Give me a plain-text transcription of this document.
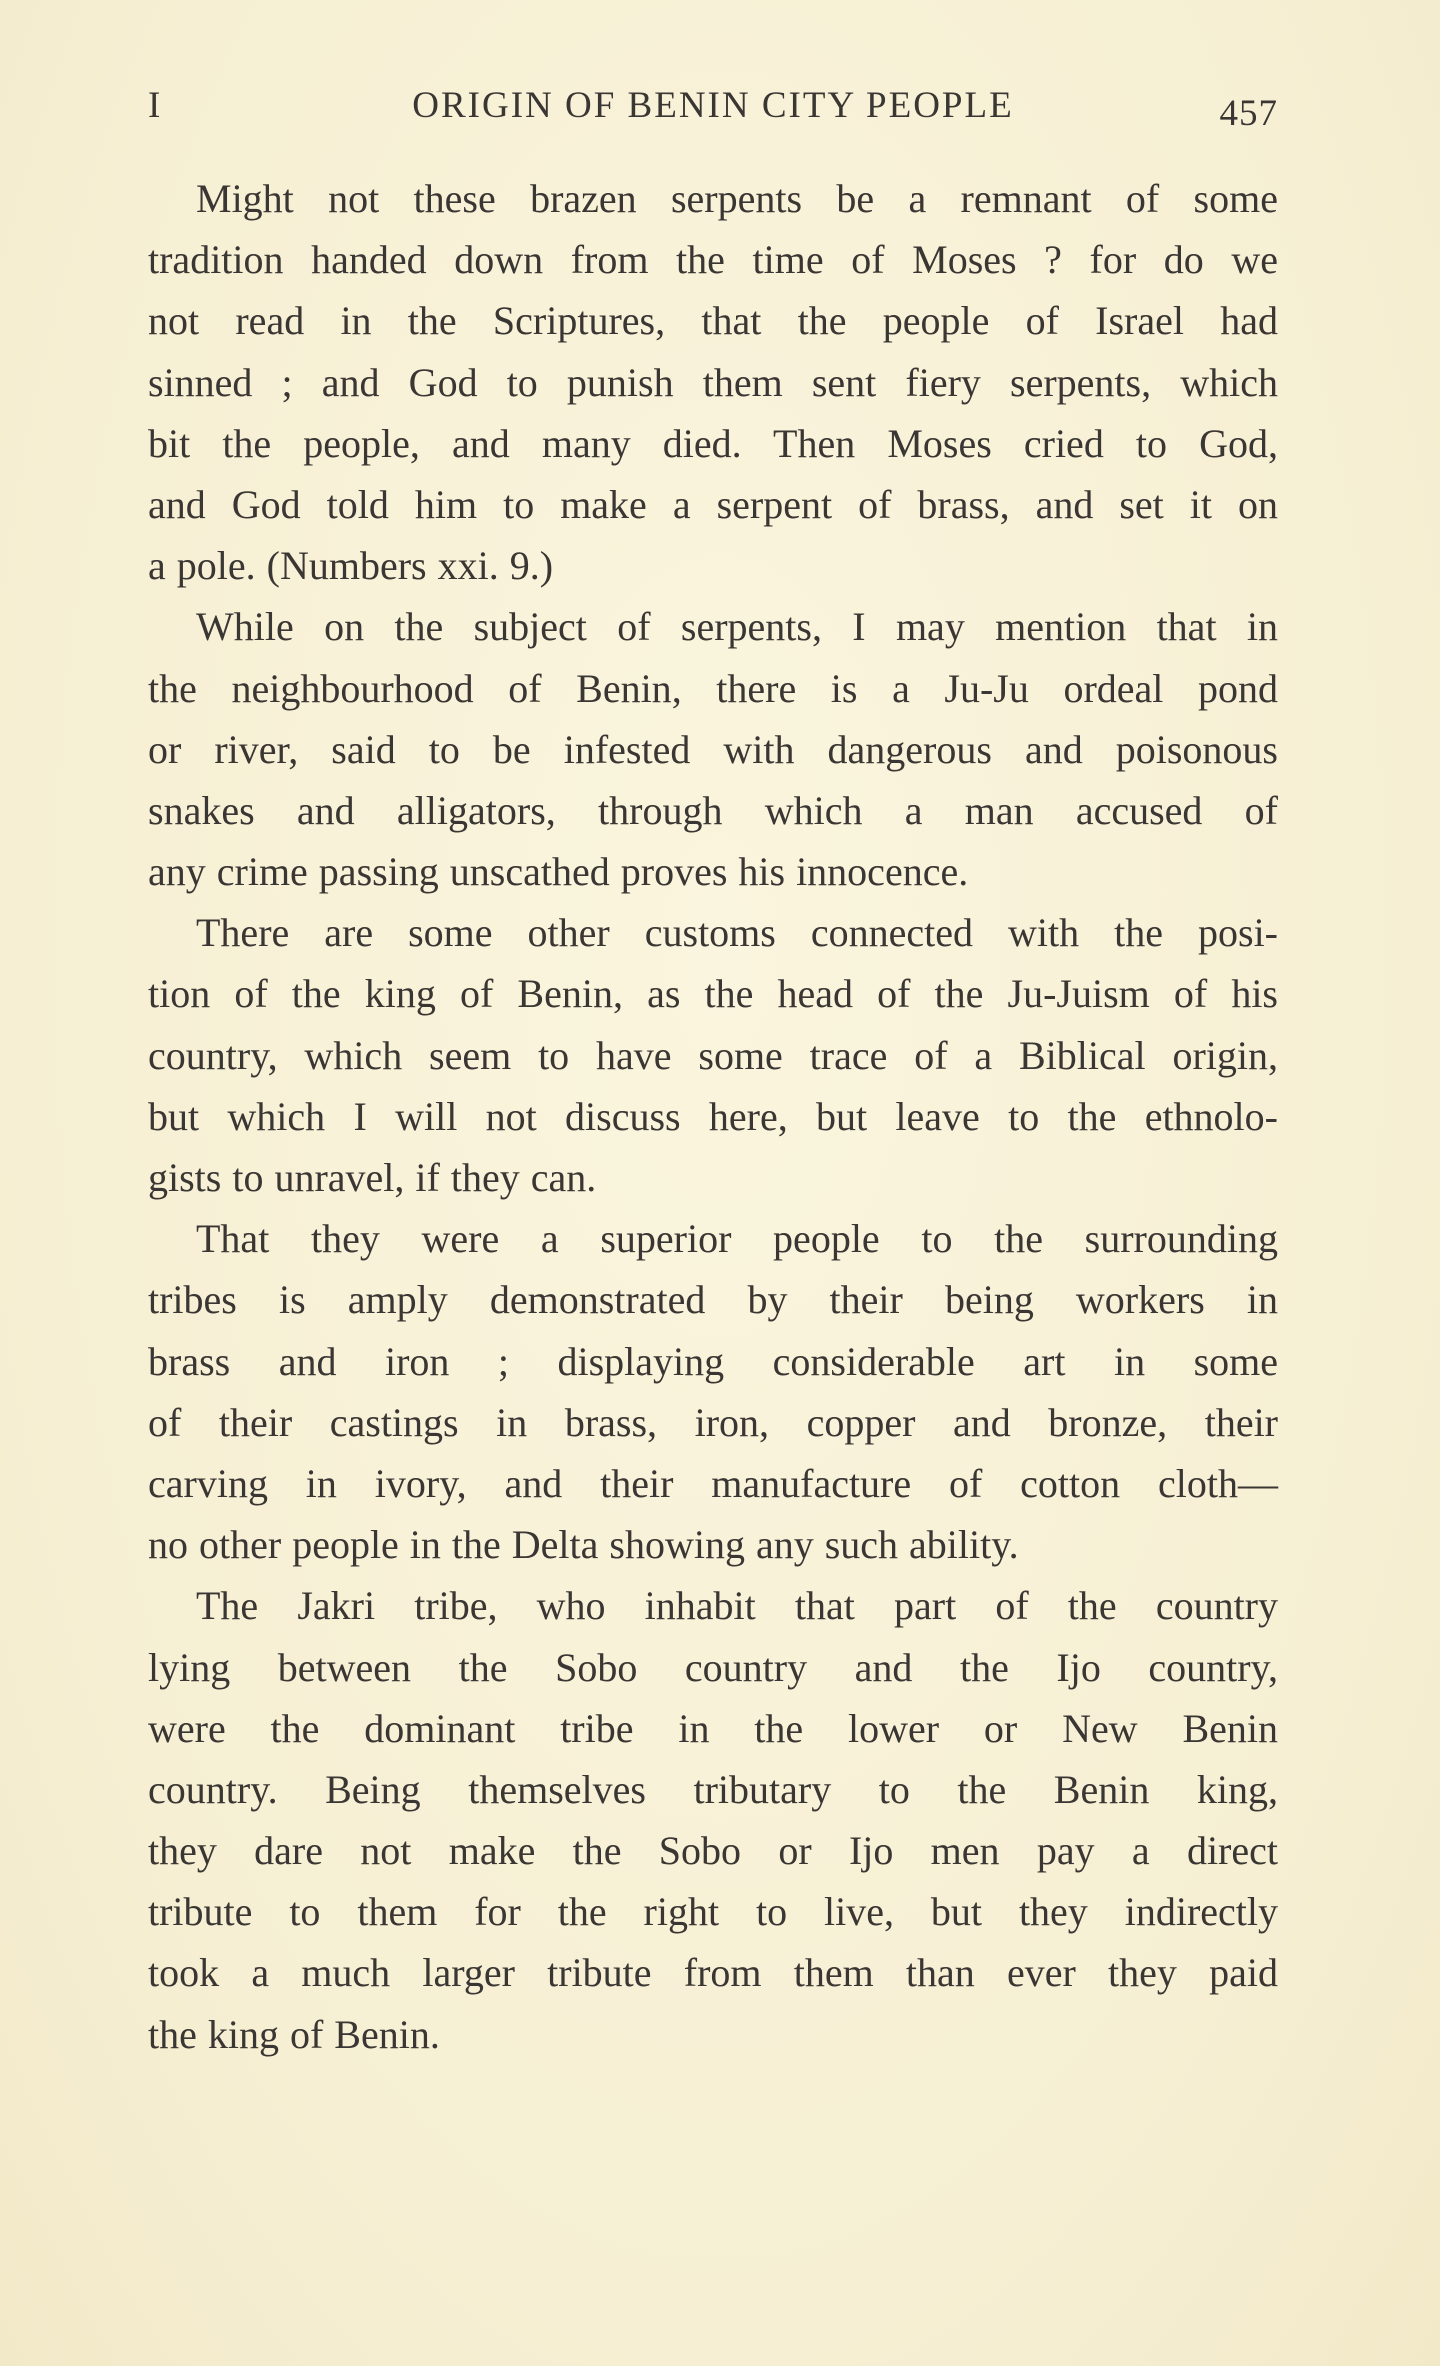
I	ORIGIN OF BENIN CITY PEOPLE	457
Might not these brazen serpents be a remnant of some
tradition handed down from the time of Moses ? for do we
not read in the Scriptures, that the people of Israel had
sinned ; and God to punish them sent fiery serpents, which
bit the people, and many died. Then Moses cried to God,
and God told him to make a serpent of brass, and set it on
a pole. (Numbers xxi. 9.)
While on the subject of serpents, I may mention that in
the neighbourhood of Benin, there is a Ju-Ju ordeal pond
or river, said to be infested with dangerous and poisonous
snakes and alligators, through which a man accused of
any crime passing unscathed proves his innocence.
There are some other customs connected with the posi-
tion of the king of Benin, as the head of the Ju-Juism of his
country, which seem to have some trace of a Biblical origin,
but which I will not discuss here, but leave to the ethnolo-
gists to unravel, if they can.
That they were a superior people to the surrounding
tribes is amply demonstrated by their being workers in
brass and iron ; displaying considerable art in some
of their castings in brass, iron, copper and bronze, their
carving in ivory, and their manufacture of cotton cloth—
no other people in the Delta showing any such ability.
The Jakri tribe, who inhabit that part of the country
lying between the Sobo country and the Ijo country,
were the dominant tribe in the lower or New Benin
country. Being themselves tributary to the Benin king,
they dare not make the Sobo or Ijo men pay a direct
tribute to them for the right to live, but they indirectly
took a much larger tribute from them than ever they paid
the king of Benin.
